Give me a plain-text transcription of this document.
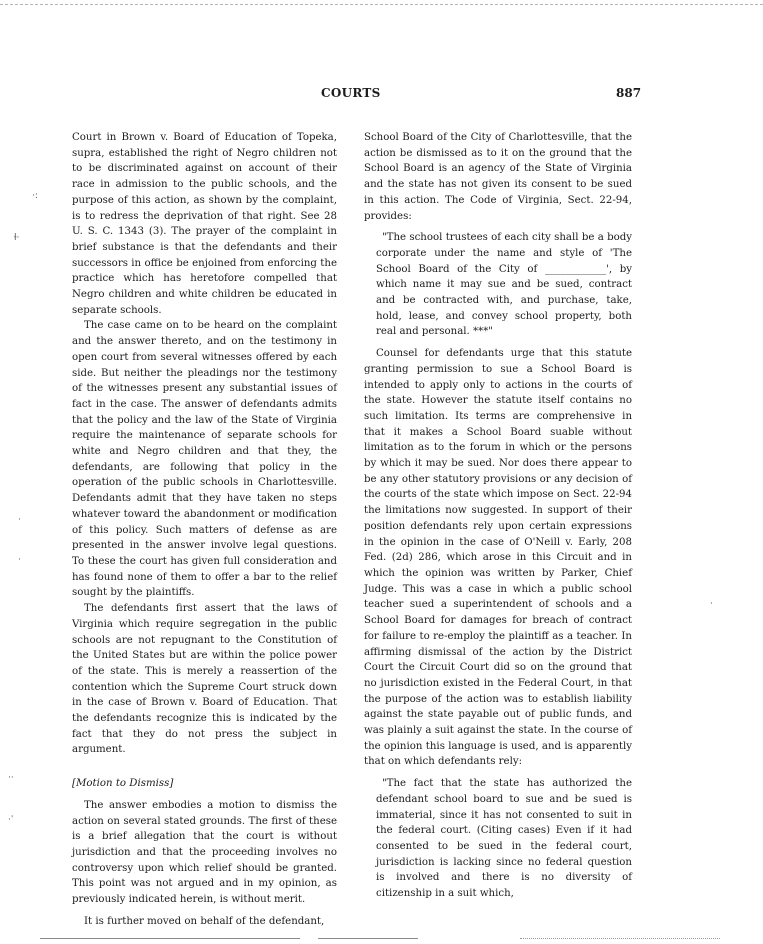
COURTS	887
·:
ƚ·
·
·
··
·ˈ
·

Court in Brown v. Board of Education of Topeka, supra, established the right of Negro children not to be discriminated against on account of their race in admission to the public schools, and the purpose of this action, as shown by the complaint, is to redress the deprivation of that right. See 28 U. S. C. 1343 (3). The prayer of the complaint in brief substance is that the defendants and their successors in office be enjoined from enforcing the practice which has heretofore compelled that Negro children and white children be educated in separate schools.

The case came on to be heard on the complaint and the answer thereto, and on the testimony in open court from several witnesses offered by each side. But neither the pleadings nor the testimony of the witnesses present any substantial issues of fact in the case. The answer of defendants admits that the policy and the law of the State of Virginia require the maintenance of separate schools for white and Negro children and that they, the defendants, are following that policy in the operation of the public schools in Charlottesville. Defendants admit that they have taken no steps whatever toward the abandonment or modification of this policy. Such matters of defense as are presented in the answer involve legal questions. To these the court has given full consideration and has found none of them to offer a bar to the relief sought by the plaintiffs.

The defendants first assert that the laws of Virginia which require segregation in the public schools are not repugnant to the Constitution of the United States but are within the police power of the state. This is merely a reassertion of the contention which the Supreme Court struck down in the case of Brown v. Board of Education. That the defendants recognize this is indicated by the fact that they do not press the subject in argument.

[Motion to Dismiss]

The answer embodies a motion to dismiss the action on several stated grounds. The first of these is a brief allegation that the court is without jurisdiction and that the proceeding involves no controversy upon which relief should be granted. This point was not argued and in my opinion, as previously indicated herein, is without merit.

It is further moved on behalf of the defendant,

School Board of the City of Charlottesville, that the action be dismissed as to it on the ground that the School Board is an agency of the State of Virginia and the state has not given its consent to be sued in this action. The Code of Virginia, Sect. 22-94, provides:

"The school trustees of each city shall be a body corporate under the name and style of 'The School Board of the City of ____________', by which name it may sue and be sued, contract and be contracted with, and purchase, take, hold, lease, and convey school property, both real and personal. ***"

Counsel for defendants urge that this statute granting permission to sue a School Board is intended to apply only to actions in the courts of the state. However the statute itself contains no such limitation. Its terms are comprehensive in that it makes a School Board suable without limitation as to the forum in which or the persons by which it may be sued. Nor does there appear to be any other statutory provisions or any decision of the courts of the state which impose on Sect. 22-94 the limitations now suggested. In support of their position defendants rely upon certain expressions in the opinion in the case of O'Neill v. Early, 208 Fed. (2d) 286, which arose in this Circuit and in which the opinion was written by Parker, Chief Judge. This was a case in which a public school teacher sued a superintendent of schools and a School Board for damages for breach of contract for failure to re-employ the plaintiff as a teacher. In affirming dismissal of the action by the District Court the Circuit Court did so on the ground that no jurisdiction existed in the Federal Court, in that the purpose of the action was to establish liability against the state payable out of public funds, and was plainly a suit against the state. In the course of the opinion this language is used, and is apparently that on which defendants rely:

"The fact that the state has authorized the defendant school board to sue and be sued is immaterial, since it has not consented to suit in the federal court. (Citing cases) Even if it had consented to be sued in the federal court, jurisdiction is lacking since no federal question is involved and there is no diversity of citizenship in a suit which,
